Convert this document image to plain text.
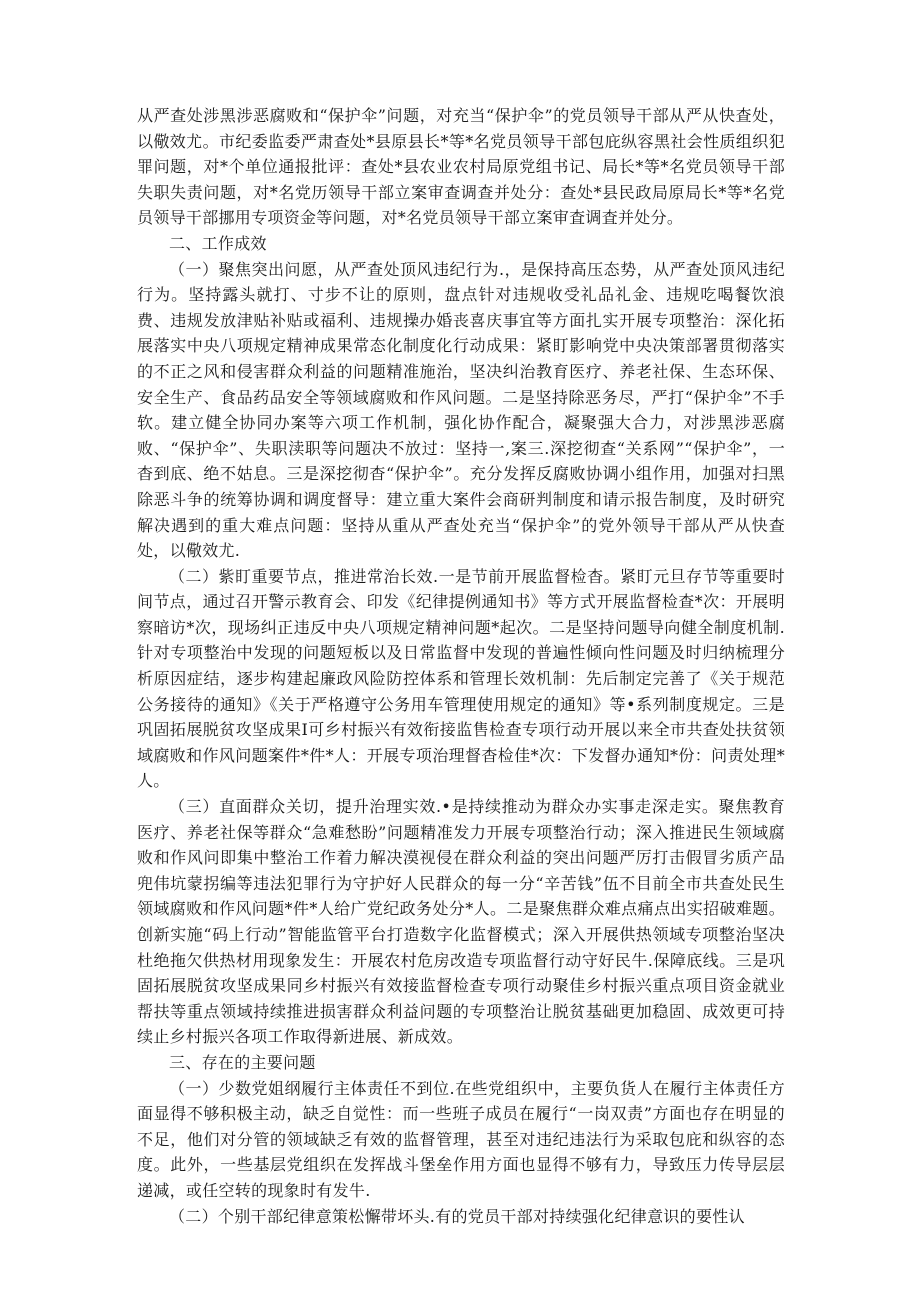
从严查处涉黑涉恶腐败和“保护伞”问题，对充当“保护伞”的党员领导干部从严从快查处，以儆效尤。市纪委监委严肃查处*县原县长*等*名党员领导干部包庇纵容黑社会性质组织犯罪问题，对*个单位通报批评：查处*县农业农村局原党组书记、局长*等*名党员领导干部失职失责问题，对*名党历领导干部立案审查调查并处分：查处*县民政局原局长*等*名党员领导干部挪用专项资金等问题，对*名党员领导干部立案审査调査并处分。

二、工作成效

（一）聚焦突出问愿，从严查处顶风违纪行为.，是保持高压态势，从严查处顶风违纪行为。坚持露头就打、寸步不让的原则，盘点针对违规收受礼品礼金、违规吃喝餐饮浪费、违规发放津贴补贴或福利、违规操办婚丧喜庆事宜等方面扎实开展专项整治：深化拓展落实中央八项规定精神成果常态化制度化行动成果：紧盯影响党中央决策部署贯彻落实的不正之风和侵害群众利益的问题精准施治，坚决纠治教育医疗、养老社保、生态环保、安全生产、食品药品安全等领域腐败和作风问题。二是坚持除恶务尽，严打“保护伞”不手软。建立健全协同办案等六项工作机制，强化协作配合，凝聚强大合力，对涉黑涉恶腐败、“保护伞”、失职渎职等问题决不放过：坚持一,案三.深挖彻查“关系网”“保护伞”，一杳到底、绝不姑息。三是深挖彻杳“保护伞”。充分发挥反腐败协调小组作用，加强对扫黑除恶斗争的统筹协调和调度督导：建立重大案件会商研判制度和请示报告制度，及时研究解决遇到的重大难点问题：坚持从重从严查处充当“保护伞”的党外领导干部从严从快查处，以儆效尤.

（二）紫盯重要节点，推进常治长效.一是节前开展监督检杳。紧盯元旦存节等重要时间节点，通过召开警示教育会、印发《纪律提例通知书》等方式开展监督检查*次：开展明察暗访*次，现场纠正违反中央八项规定精神问题*起次。二是坚持问题导向健全制度机制.针对专项整治中发现的问题短板以及日常监督中发现的普遍性倾向性问题及时归纳梳理分析原因症结，逐步构建起廉政风险防控体系和管理长效机制：先后制定完善了《关于规范公务接待的通知》《关于严格遵守公务用车管理使用规定的通知》等•系列制度规定。三是巩固拓展脱贫攻坚成果I可乡村振兴有效衔接监售检查专项行动开展以来全市共查处扶贫领域腐败和作风问题案件*件*人：开展专项治理督杳检佳*次：下发督办通知*份：问责处理*人。

（三）直面群众关切，提升治理实效.•是持续推动为群众办实事走深走实。聚焦教育医疗、养老社保等群众“急难愁盼”问题精准发力开展专项整治行动；深入推进民生领域腐败和作风问即集中整治工作着力解决漠视侵在群众利益的突出问题严厉打击假冒劣质产品兜伟坑蒙拐编等违法犯罪行为守护好人民群众的每一分“辛苦钱”伍不目前全市共查处民生领域腐败和作风问题*件*人给广党纪政务处分*人。二是聚焦群众难点痛点出实招破难题。创新实施“码上行动”智能监管平台打造数字化监督模式；深入开展供热领域专项整治坚决杜绝拖欠供热材用现象发生：开展农村危房改造专项监督行动守好民牛.保障底线。三是巩固拓展脱贫攻坚成果同乡村振兴有效接监督检查专项行动聚佳乡村振兴重点项目资金就业帮扶等重点领域持续推进损害群众利益问题的专项整治让脱贫基础更加稳固、成效更可持续止乡村振兴各项工作取得新进展、新成效。

三、存在的主要问题

（一）少数党姐纲履行主体责任不到位.在些党组织中，主要负货人在履行主体责任方面显得不够积极主动，缺乏自觉性：而一些班子成员在履行“一岗双责”方面也存在明显的不足，他们对分管的领域缺乏有效的监督管理，甚至对违纪违法行为采取包庇和纵容的态度。此外，一些基层党组织在发挥战斗堡垒作用方面也显得不够有力，导致压力传导层层递减，或任空转的现象时有发牛.

（二）个别干部纪律意策松懈带坏头.有的党员干部对持续强化纪律意识的要性认
